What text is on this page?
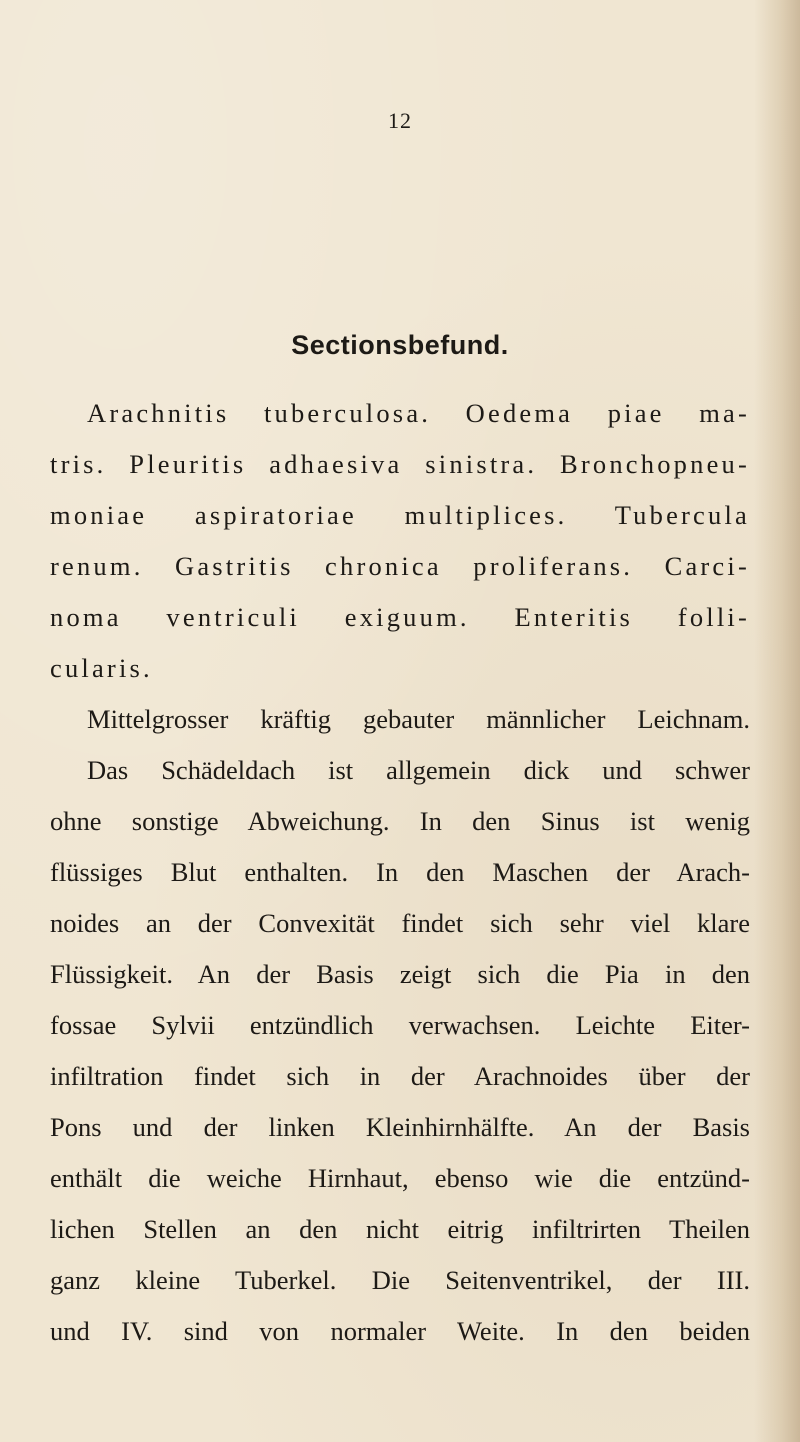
12
Sectionsbefund.
Arachnitis tuberculosa. Oedema piae ma-
tris. Pleuritis adhaesiva sinistra. Bronchopneu-
moniae aspiratoriae multiplices. Tubercula
renum. Gastritis chronica proliferans. Carci-
noma ventriculi exiguum. Enteritis folli-
cularis.
Mittelgrosser kräftig gebauter männlicher Leichnam.
Das Schädeldach ist allgemein dick und schwer
ohne sonstige Abweichung. In den Sinus ist wenig
flüssiges Blut enthalten. In den Maschen der Arach-
noides an der Convexität findet sich sehr viel klare
Flüssigkeit. An der Basis zeigt sich die Pia in den
fossae Sylvii entzündlich verwachsen. Leichte Eiter-
infiltration findet sich in der Arachnoides über der
Pons und der linken Kleinhirnhälfte. An der Basis
enthält die weiche Hirnhaut, ebenso wie die entzünd-
lichen Stellen an den nicht eitrig infiltrirten Theilen
ganz kleine Tuberkel. Die Seitenventrikel, der III.
und IV. sind von normaler Weite. In den beiden
